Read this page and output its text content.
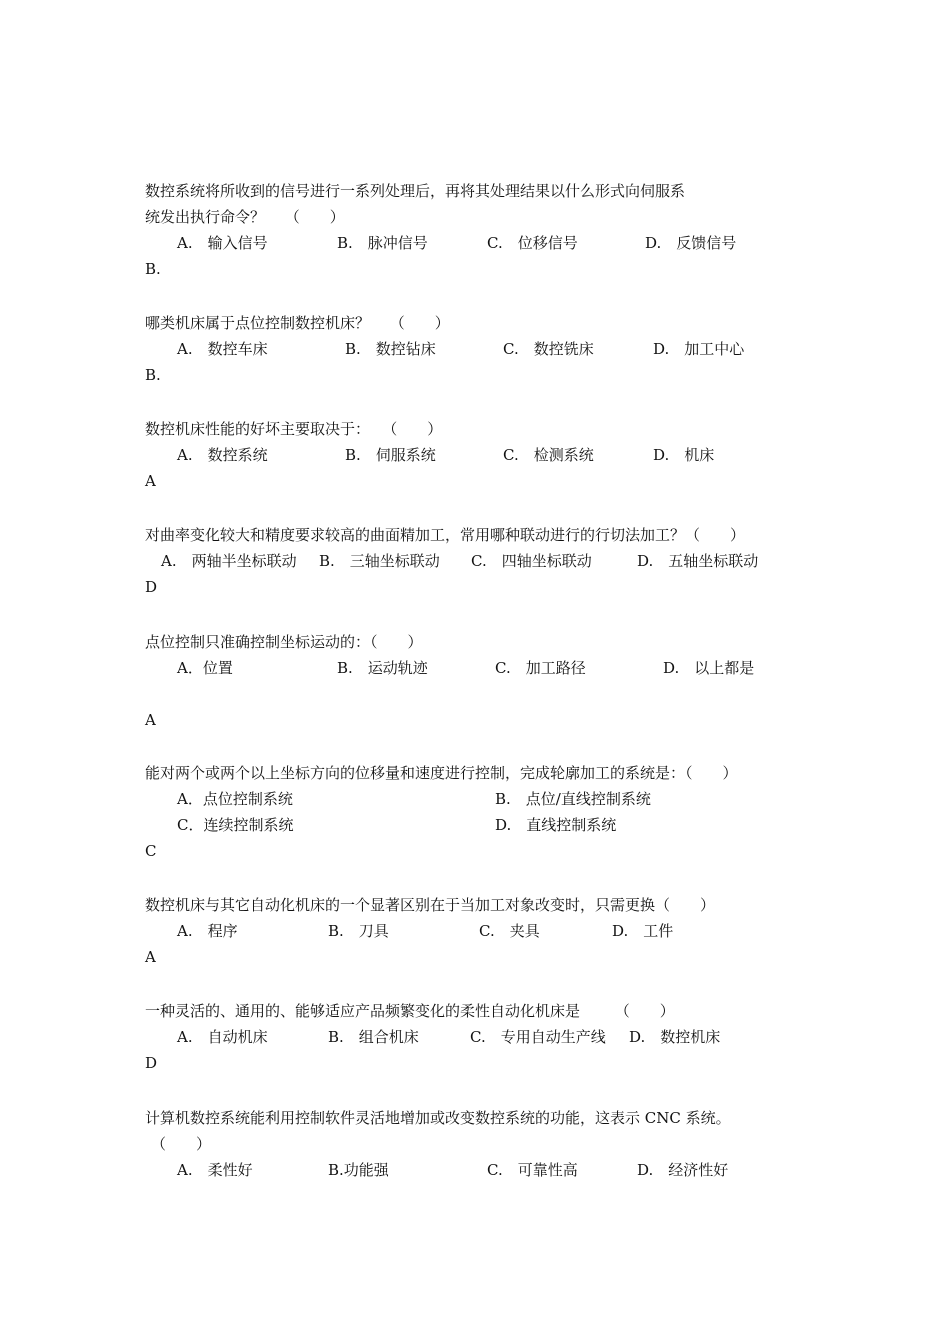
数控系统将所收到的信号进行一系列处理后，再将其处理结果以什么形式向伺服系
统发出执行命令？　 （　　）
A.　输入信号	B.　脉冲信号	C.　位移信号	D.　反馈信号
B.
哪类机床属于点位控制数控机床？　 （　　）
A.　数控车床	B.　数控钻床	C.　数控铣床	D.　加工中心
B.
数控机床性能的好坏主要取决于：　 （　　）
A.　数控系统	B.　伺服系统	C.　检测系统	D.　机床
A
对曲率变化较大和精度要求较高的曲面精加工，常用哪种联动进行的行切法加工？（　　）
A.　两轴半坐标联动 B.　三轴坐标联动 C.　四轴坐标联动	D.　五轴坐标联动
D
点位控制只准确控制坐标运动的：（　　）
A．位置	B.　运动轨迹	C.　加工路径	D.　以上都是
A
能对两个或两个以上坐标方向的位移量和速度进行控制，完成轮廓加工的系统是：（　　）
A．点位控制系统	B.　点位/直线控制系统
C．连续控制系统	D.　直线控制系统
C
数控机床与其它自动化机床的一个显著区别在于当加工对象改变时，只需更换（　　）
A.　程序	B.　刀具	C.　夹具	D.　工件
A
一种灵活的、通用的、能够适应产品频繁变化的柔性自动化机床是　　 （　　）
A.　自动机床	B.　组合机床	C.　专用自动生产线 D.　数控机床
D
计算机数控系统能利用控制软件灵活地增加或改变数控系统的功能，这表示 CNC 系统。
（　　）
A.　柔性好	B.功能强	C.　可靠性高	D.　经济性好
